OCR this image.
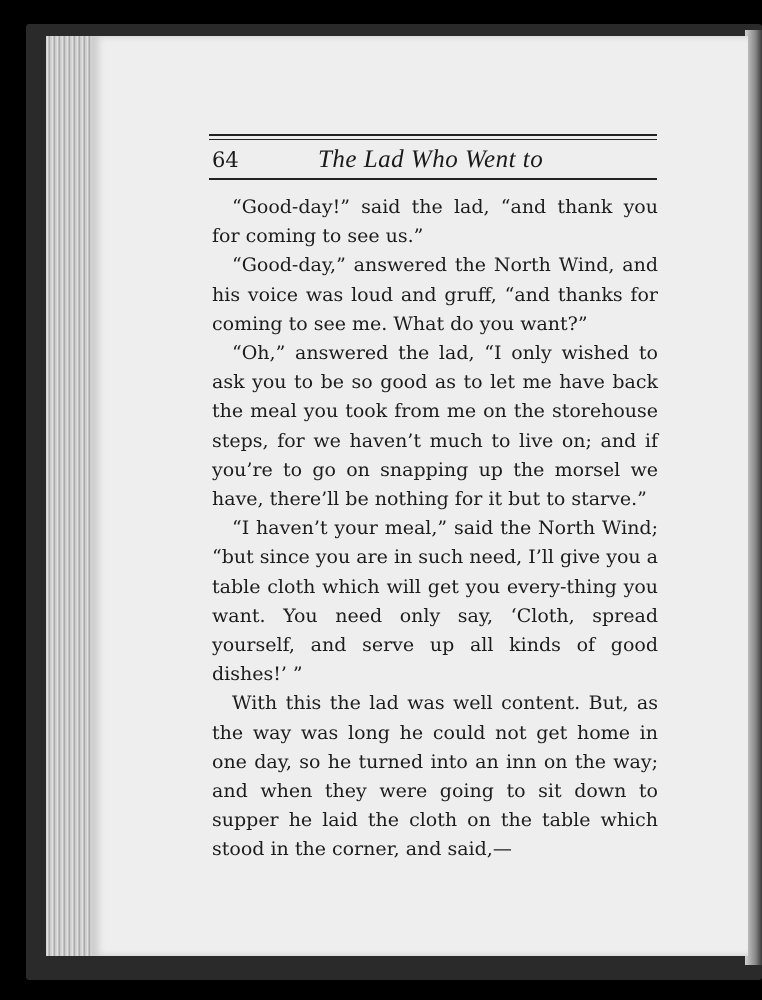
64	The Lad Who Went to

“Good-day!” said the lad, “and thank you for coming to see us.”

“Good-day,” answered the North Wind, and his voice was loud and gruff, “and thanks for coming to see me. What do you want?”

“Oh,” answered the lad, “I only wished to ask you to be so good as to let me have back the meal you took from me on the storehouse steps, for we haven’t much to live on; and if you’re to go on snapping up the morsel we have, there’ll be nothing for it but to starve.”

“I haven’t your meal,” said the North Wind; “but since you are in such need, I’ll give you a table cloth which will get you every-thing you want. You need only say, ‘Cloth, spread yourself, and serve up all kinds of good dishes!’ ”

With this the lad was well content. But, as the way was long he could not get home in one day, so he turned into an inn on the way; and when they were going to sit down to supper he laid the cloth on the table which stood in the corner, and said,—
